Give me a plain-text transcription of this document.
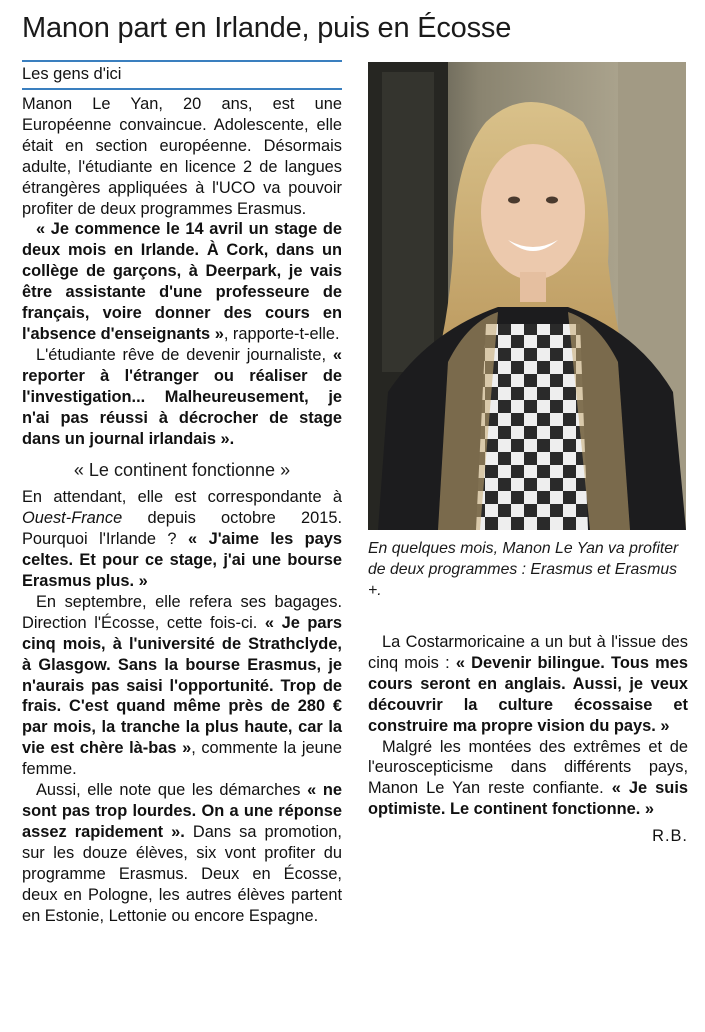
Manon part en Irlande, puis en Écosse
Les gens d'ici

Manon Le Yan, 20 ans, est une Européenne convaincue. Adolescente, elle était en section européenne. Désormais adulte, l'étudiante en licence 2 de langues étrangères appliquées à l'UCO va pouvoir profiter de deux programmes Erasmus.

« Je commence le 14 avril un stage de deux mois en Irlande. À Cork, dans un collège de garçons, à Deerpark, je vais être assistante d'une professeure de français, voire donner des cours en l'absence d'enseignants », rapporte-t-elle.

L'étudiante rêve de devenir journaliste, « reporter à l'étranger ou réaliser de l'investigation... Malheureusement, je n'ai pas réussi à décrocher de stage dans un journal irlandais ».

« Le continent fonctionne »

En attendant, elle est correspondante à Ouest-France depuis octobre 2015. Pourquoi l'Irlande ? « J'aime les pays celtes. Et pour ce stage, j'ai une bourse Erasmus plus. »

En septembre, elle refera ses bagages. Direction l'Écosse, cette fois-ci. « Je pars cinq mois, à l'université de Strathclyde, à Glasgow. Sans la bourse Erasmus, je n'aurais pas saisi l'opportunité. Trop de frais. C'est quand même près de 280 € par mois, la tranche la plus haute, car la vie est chère là-bas », commente la jeune femme.

Aussi, elle note que les démarches « ne sont pas trop lourdes. On a une réponse assez rapidement ». Dans sa promotion, sur les douze élèves, six vont profiter du programme Erasmus. Deux en Écosse, deux en Pologne, les autres élèves partent en Estonie, Lettonie ou encore Espagne.

En quelques mois, Manon Le Yan va profiter de deux programmes : Erasmus et Erasmus +.

La Costarmoricaine a un but à l'issue des cinq mois : « Devenir bilingue. Tous mes cours seront en anglais. Aussi, je veux découvrir la culture écossaise et construire ma propre vision du pays. »

Malgré les montées des extrêmes et de l'euroscepticisme dans différents pays, Manon Le Yan reste confiante. « Je suis optimiste. Le continent fonctionne. »

R.B.
